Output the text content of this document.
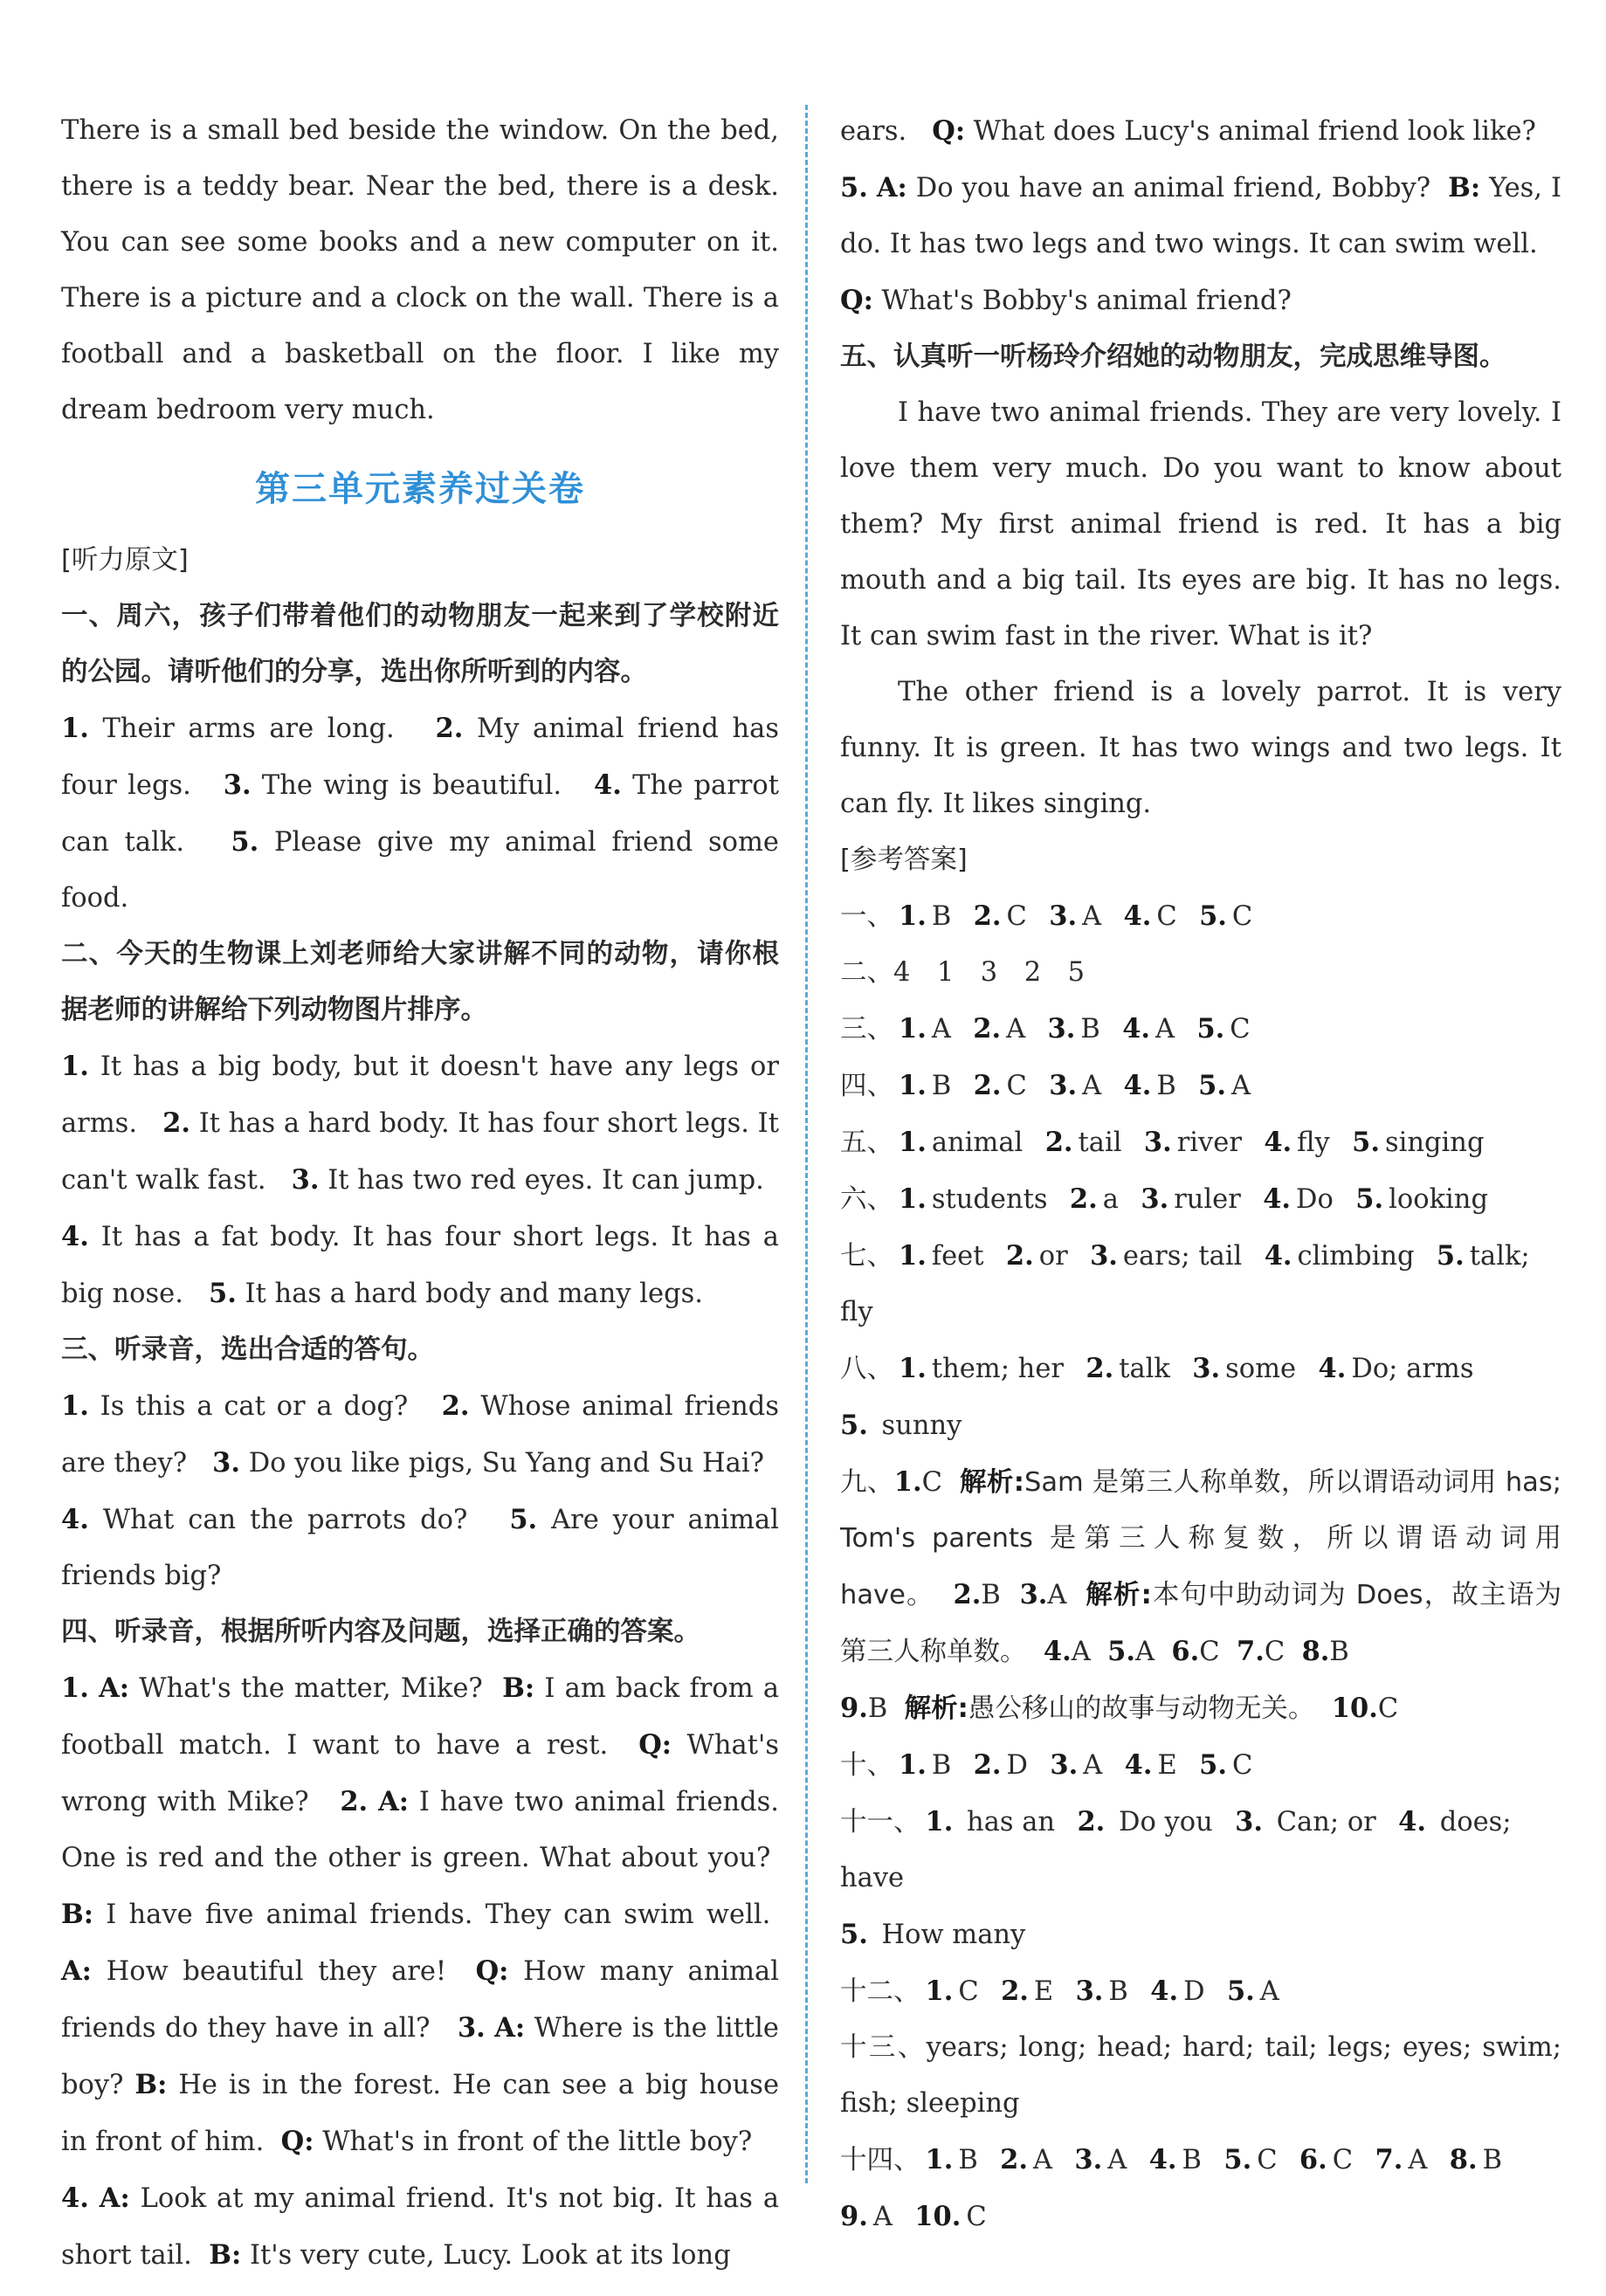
There is a small bed beside the window. On the bed, there is a teddy bear. Near the bed, there is a desk. You can see some books and a new computer on it. There is a picture and a clock on the wall. There is a football and a basketball on the floor. I like my dream bedroom very much.
第三单元素养过关卷
[听力原文]
一、周六，孩子们带着他们的动物朋友一起来到了学校附近的公园。请听他们的分享，选出你所听到的内容。
1. Their arms are long. 2. My animal friend has four legs. 3. The wing is beautiful. 4. The parrot can talk. 5. Please give my animal friend some food.
二、今天的生物课上刘老师给大家讲解不同的动物，请你根据老师的讲解给下列动物图片排序。
1. It has a big body, but it doesn't have any legs or arms. 2. It has a hard body. It has four short legs. It can't walk fast. 3. It has two red eyes. It can jump.
4. It has a fat body. It has four short legs. It has a big nose. 5. It has a hard body and many legs.
三、听录音，选出合适的答句。
1. Is this a cat or a dog? 2. Whose animal friends are they? 3. Do you like pigs, Su Yang and Su Hai?
4. What can the parrots do? 5. Are your animal friends big?
四、听录音，根据所听内容及问题，选择正确的答案。
1. A: What's the matter, Mike? B: I am back from a football match. I want to have a rest. Q: What's wrong with Mike? 2. A: I have two animal friends. One is red and the other is green. What about you?  B: I have five animal friends. They can swim well.  A: How beautiful they are! Q: How many animal friends do they have in all? 3. A: Where is the little boy? B: He is in the forest. He can see a big house in front of him. Q: What's in front of the little boy?
4. A: Look at my animal friend. It's not big. It has a short tail. B: It's very cute, Lucy. Look at its long
ears. Q: What does Lucy's animal friend look like?
5. A: Do you have an animal friend, Bobby? B: Yes, I do. It has two legs and two wings. It can swim well.
Q: What's Bobby's animal friend?
五、认真听一听杨玲介绍她的动物朋友，完成思维导图。
I have two animal friends. They are very lovely. I love them very much. Do you want to know about them? My first animal friend is red. It has a big mouth and a big tail. Its eyes are big. It has no legs. It can swim fast in the river. What is it?
The other friend is a lovely parrot. It is very funny. It is green. It has two wings and two legs. It can fly. It likes singing.
[参考答案]
一、 1. B 2. C 3. A 4. C 5. C
二、4　1　3　2　5
三、 1. A 2. A 3. B 4. A 5. C
四、 1. B 2. C 3. A 4. B 5. A
五、 1. animal 2. tail 3. river 4. fly 5. singing
六、 1. students 2. a 3. ruler 4. Do 5. looking
七、 1. feet 2. or 3. ears; tail 4. climbing 5. talk;
fly
八、 1. them; her 2. talk 3. some 4. Do; arms
5. sunny
九、1.C 解析:Sam 是第三人称单数，所以谓语动词用 has; Tom's parents 是第三人称复数，所以谓语动词用 have。 2.B 3.A 解析:本句中助动词为 Does，故主语为第三人称单数。 4.A 5.A 6.C 7.C 8.B
9.B 解析:愚公移山的故事与动物无关。 10.C
十、 1. B 2. D 3. A 4. E 5. C
十一、 1. has an 2. Do you 3. Can; or 4. does; have
5. How many
十二、 1. C 2. E 3. B 4. D 5. A
十三、years; long; head; hard; tail; legs; eyes; swim; fish; sleeping
十四、 1. B 2. A 3. A 4. B 5. C 6. C 7. A 8. B
9. A 10. C
